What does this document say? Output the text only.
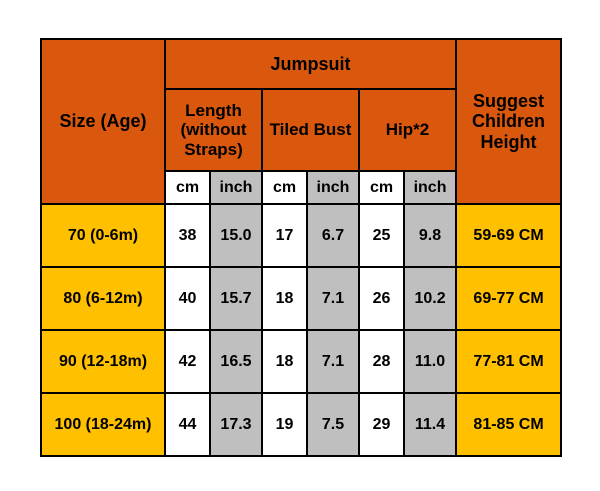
Size (Age)	Jumpsuit						Suggest Children Height
	Length (without Straps)		Tiled Bust		Hip*2		
	cm	inch	cm	inch	cm	inch	
70 (0-6m)	38	15.0	17	6.7	25	9.8	59-69 CM
80 (6-12m)	40	15.7	18	7.1	26	10.2	69-77 CM
90 (12-18m)	42	16.5	18	7.1	28	11.0	77-81 CM
100 (18-24m)	44	17.3	19	7.5	29	11.4	81-85 CM
